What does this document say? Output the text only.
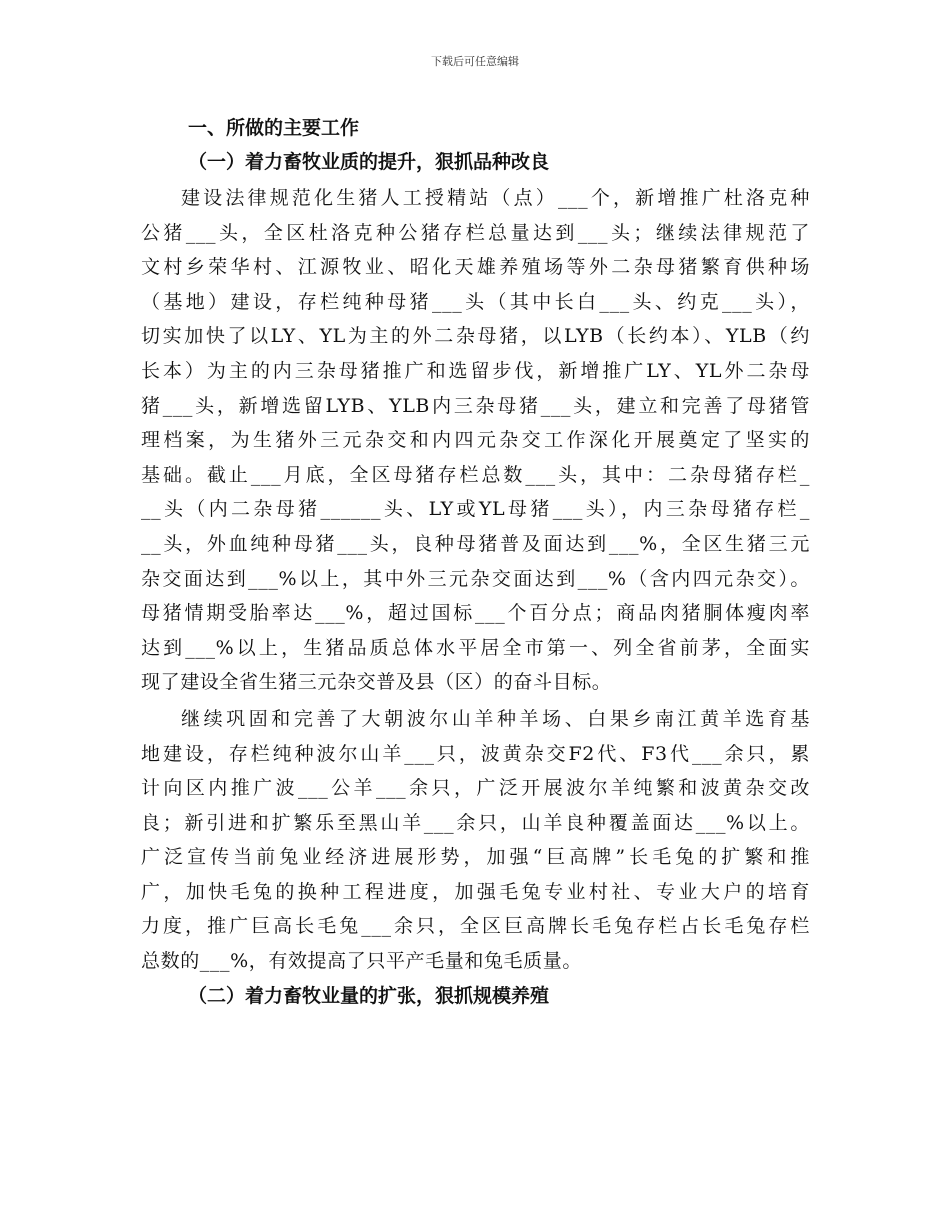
下载后可任意编辑
一、所做的主要工作
（一）着力畜牧业质的提升，狠抓品种改良
建设法律规范化生猪人工授精站（点）___个，新增推广杜洛克种
公猪___头，全区杜洛克种公猪存栏总量达到___头；继续法律规范了
文村乡荣华村、江源牧业、昭化天雄养殖场等外二杂母猪繁育供种场
（基地）建设，存栏纯种母猪___头（其中长白___头、约克___头），
切实加快了以LY、YL为主的外二杂母猪，以LYB（长约本）、YLB（约
长本）为主的内三杂母猪推广和选留步伐，新增推广LY、YL外二杂母
猪___头，新增选留LYB、YLB内三杂母猪___头，建立和完善了母猪管
理档案，为生猪外三元杂交和内四元杂交工作深化开展奠定了坚实的
基础。截止___月底，全区母猪存栏总数___头，其中：二杂母猪存栏_
__头（内二杂母猪______头、LY或YL母猪___头），内三杂母猪存栏_
__头，外血纯种母猪___头，良种母猪普及面达到___%，全区生猪三元
杂交面达到___%以上，其中外三元杂交面达到___%（含内四元杂交）。
母猪情期受胎率达___%，超过国标___个百分点；商品肉猪胴体瘦肉率
达到___%以上，生猪品质总体水平居全市第一、列全省前茅，全面实
现了建设全省生猪三元杂交普及县（区）的奋斗目标。
继续巩固和完善了大朝波尔山羊种羊场、白果乡南江黄羊选育基
地建设，存栏纯种波尔山羊___只，波黄杂交F2代、F3代___余只，累
计向区内推广波___公羊___余只，广泛开展波尔羊纯繁和波黄杂交改
良；新引进和扩繁乐至黑山羊___余只，山羊良种覆盖面达___%以上。
广泛宣传当前兔业经济进展形势，加强“巨高牌”长毛兔的扩繁和推
广，加快毛兔的换种工程进度，加强毛兔专业村社、专业大户的培育
力度，推广巨高长毛兔___余只，全区巨高牌长毛兔存栏占长毛兔存栏
总数的___%，有效提高了只平产毛量和兔毛质量。
（二）着力畜牧业量的扩张，狠抓规模养殖
